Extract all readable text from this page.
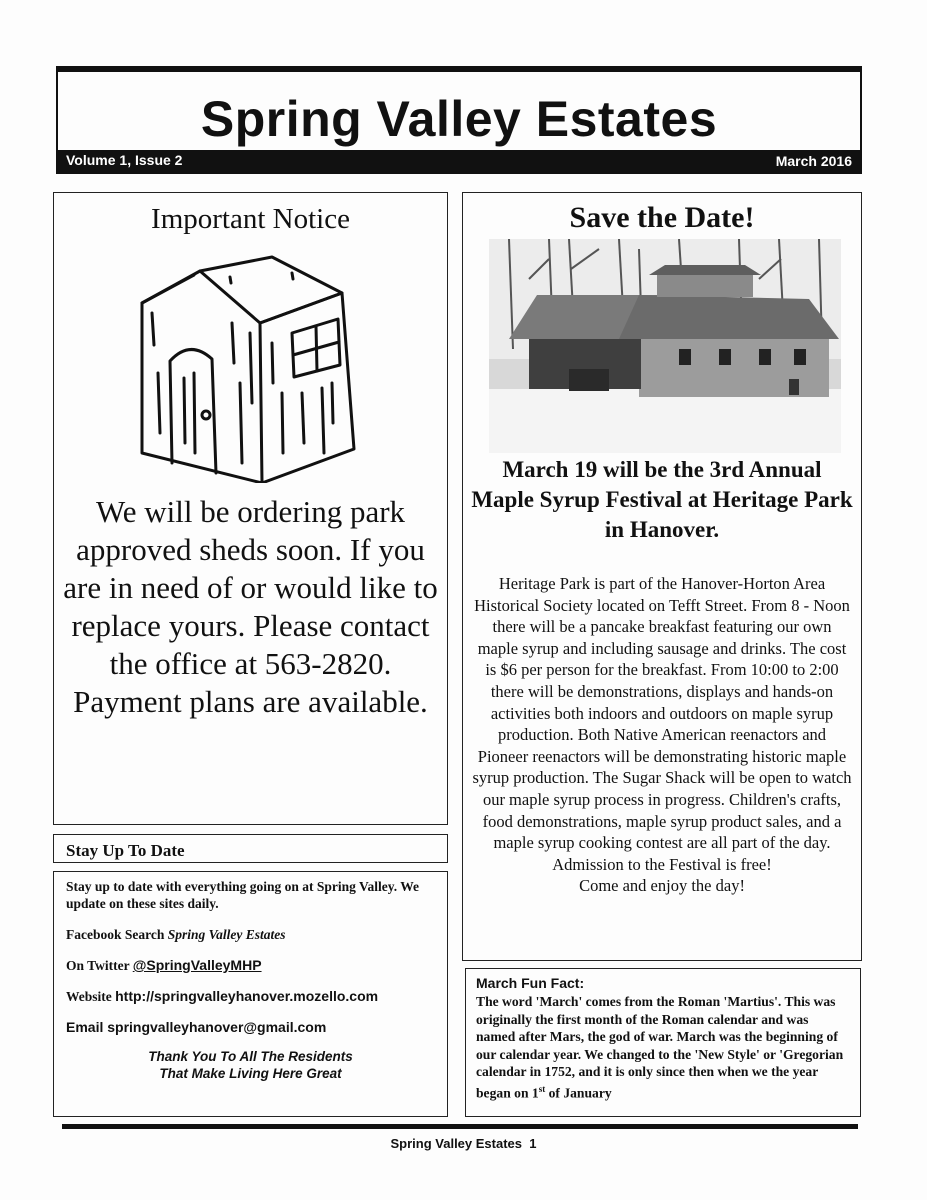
Spring Valley Estates
Volume 1, Issue 2	March 2016
Important Notice
We will be ordering park approved sheds soon. If you are in need of or would like to replace yours. Please contact the office at 563-2820. Payment plans are available.
Save the Date!
March 19 will be the 3rd Annual Maple Syrup Festival at Heritage Park in Hanover.
Heritage Park is part of the Hanover-Horton Area Historical Society located on Tefft Street. From 8 - Noon there will be a pancake breakfast featuring our own maple syrup and including sausage and drinks. The cost is $6 per person for the breakfast. From 10:00 to 2:00 there will be demonstrations, displays and hands-on activities both indoors and outdoors on maple syrup production. Both Native American reenactors and Pioneer reenactors will be demonstrating historic maple syrup production. The Sugar Shack will be open to watch our maple syrup process in progress. Children's crafts, food demonstrations, maple syrup product sales, and a maple syrup cooking contest are all part of the day.
Admission to the Festival is free!
Come and enjoy the day!
Stay Up To Date

Stay up to date with everything going on at Spring Valley. We update on these sites daily.

Facebook Search Spring Valley Estates

On Twitter @SpringValleyMHP

Website http://springvalleyhanover.mozello.com

Email springvalleyhanover@gmail.com

Thank You To All The Residents
That Make Living Here Great
March Fun Fact:
The word 'March' comes from the Roman 'Martius'. This was originally the first month of the Roman calendar and was named after Mars, the god of war. March was the beginning of our calendar year. We changed to the 'New Style' or 'Gregorian calendar in 1752, and it is only since then when we the year began on 1st of January
Spring Valley Estates 1
